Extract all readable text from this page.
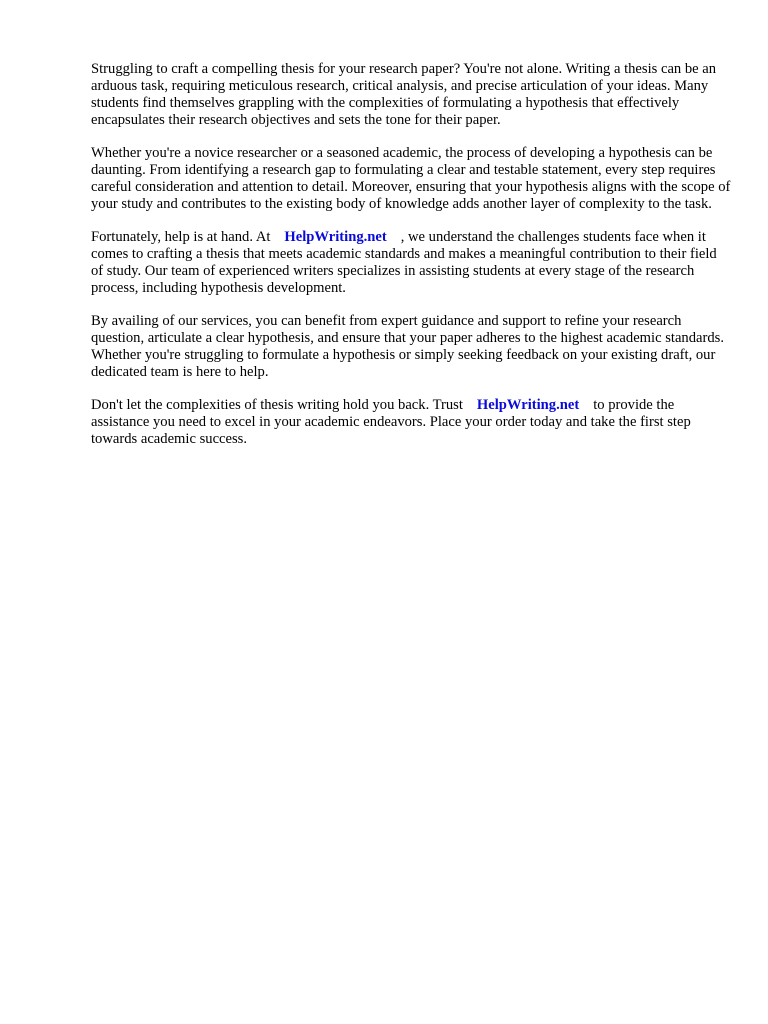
Struggling to craft a compelling thesis for your research paper? You're not alone. Writing a thesis can be an arduous task, requiring meticulous research, critical analysis, and precise articulation of your ideas. Many students find themselves grappling with the complexities of formulating a hypothesis that effectively encapsulates their research objectives and sets the tone for their paper.

Whether you're a novice researcher or a seasoned academic, the process of developing a hypothesis can be daunting. From identifying a research gap to formulating a clear and testable statement, every step requires careful consideration and attention to detail. Moreover, ensuring that your hypothesis aligns with the scope of your study and contributes to the existing body of knowledge adds another layer of complexity to the task.

Fortunately, help is at hand. At HelpWriting.net , we understand the challenges students face when it comes to crafting a thesis that meets academic standards and makes a meaningful contribution to their field of study. Our team of experienced writers specializes in assisting students at every stage of the research process, including hypothesis development.

By availing of our services, you can benefit from expert guidance and support to refine your research question, articulate a clear hypothesis, and ensure that your paper adheres to the highest academic standards. Whether you're struggling to formulate a hypothesis or simply seeking feedback on your existing draft, our dedicated team is here to help.

Don't let the complexities of thesis writing hold you back. Trust HelpWriting.net to provide the assistance you need to excel in your academic endeavors. Place your order today and take the first step towards academic success.
